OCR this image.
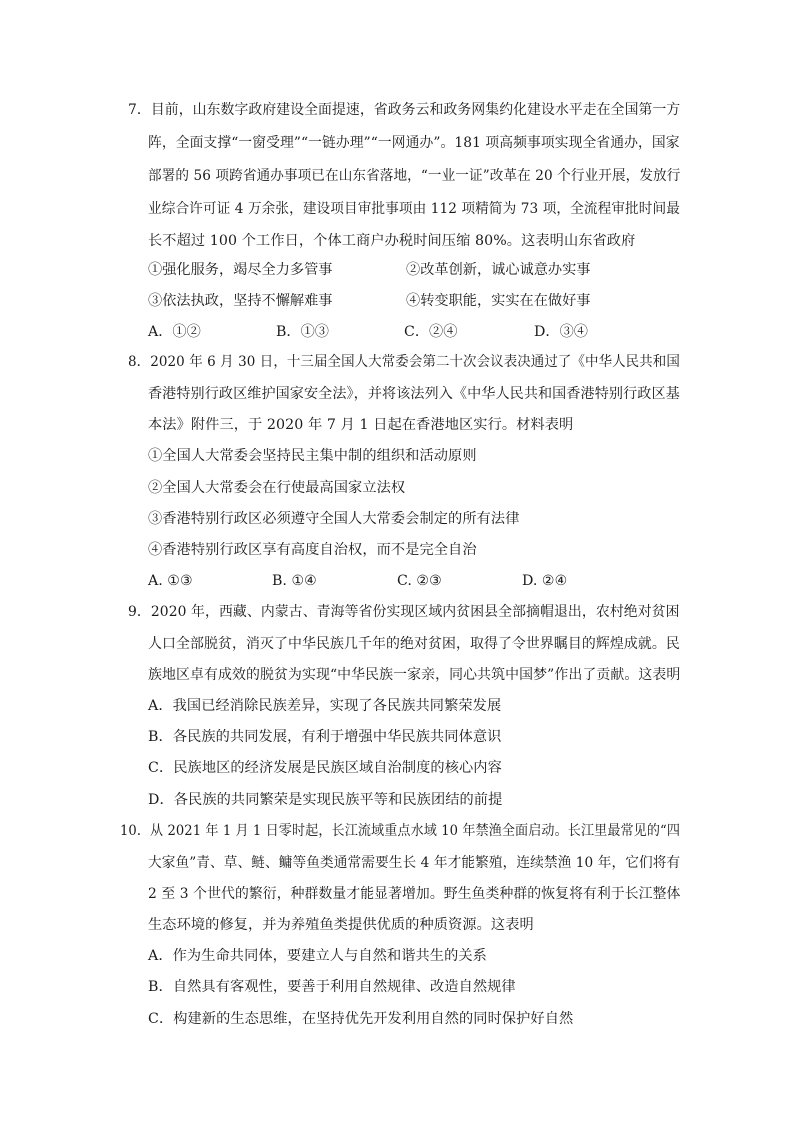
7．目前，山东数字政府建设全面提速，省政务云和政务网集约化建设水平走在全国第一方
阵，全面支撑“一窗受理”“一链办理”“一网通办”。181 项高频事项实现全省通办，国家
部署的 56 项跨省通办事项已在山东省落地，“一业一证”改革在 20 个行业开展，发放行
业综合许可证 4 万余张，建设项目审批事项由 112 项精简为 73 项，全流程审批时间最
长不超过 100 个工作日，个体工商户办税时间压缩 80%。这表明山东省政府
①强化服务，竭尽全力多管事	②改革创新，诚心诚意办实事
③依法执政，坚持不懈解难事	④转变职能，实实在在做好事
A．①②	B．①③	C．②④	D．③④
8．2020 年 6 月 30 日，十三届全国人大常委会第二十次会议表决通过了《中华人民共和国
香港特别行政区维护国家安全法》，并将该法列入《中华人民共和国香港特别行政区基
本法》附件三，于 2020 年 7 月 1 日起在香港地区实行。材料表明
①全国人大常委会坚持民主集中制的组织和活动原则
②全国人大常委会在行使最高国家立法权
③香港特别行政区必须遵守全国人大常委会制定的所有法律
④香港特别行政区享有高度自治权，而不是完全自治
A. ①③	B. ①④	C. ②③	D. ②④
9．2020 年，西藏、内蒙古、青海等省份实现区域内贫困县全部摘帽退出，农村绝对贫困
人口全部脱贫，消灭了中华民族几千年的绝对贫困，取得了令世界瞩目的辉煌成就。民
族地区卓有成效的脱贫为实现“中华民族一家亲，同心共筑中国梦”作出了贡献。这表明
A．我国已经消除民族差异，实现了各民族共同繁荣发展
B．各民族的共同发展，有利于增强中华民族共同体意识
C．民族地区的经济发展是民族区域自治制度的核心内容
D．各民族的共同繁荣是实现民族平等和民族团结的前提
10．从 2021 年 1 月 1 日零时起，长江流域重点水域 10 年禁渔全面启动。长江里最常见的“四
大家鱼”青、草、鲢、鳙等鱼类通常需要生长 4 年才能繁殖，连续禁渔 10 年，它们将有
2 至 3 个世代的繁衍，种群数量才能显著增加。野生鱼类种群的恢复将有利于长江整体
生态环境的修复，并为养殖鱼类提供优质的种质资源。这表明
A．作为生命共同体，要建立人与自然和谐共生的关系
B．自然具有客观性，要善于利用自然规律、改造自然规律
C．构建新的生态思维，在坚持优先开发利用自然的同时保护好自然
